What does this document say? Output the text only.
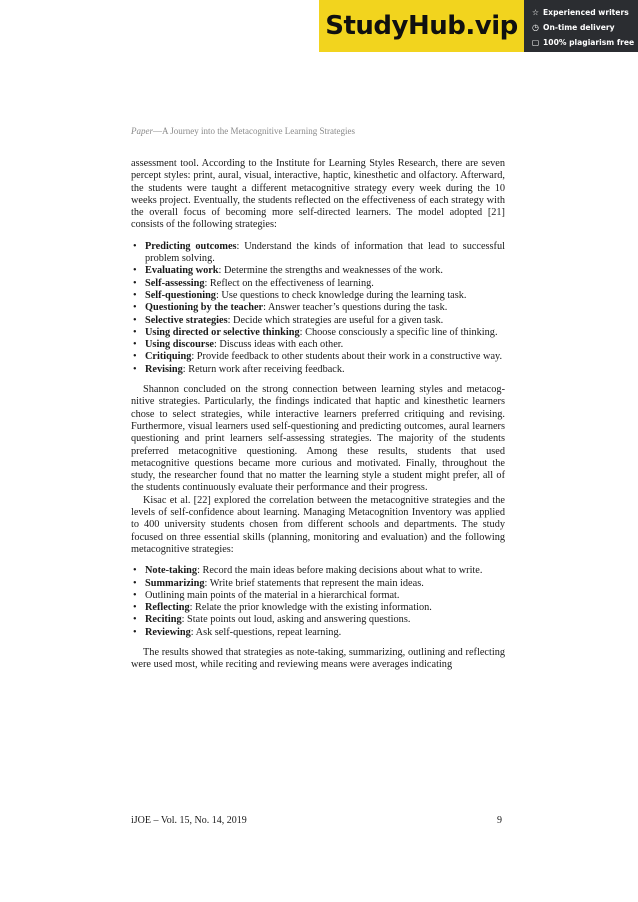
StudyHub.vip ☆ Experienced writers
◷ On-time delivery
▢ 100% plagiarism free
Paper—A Journey into the Metacognitive Learning Strategies

assessment tool. According to the Institute for Learning Styles Research, there are seven percept styles: print, aural, visual, interactive, haptic, kinesthetic and olfactory. Afterward, the students were taught a different metacognitive strategy every week during the 10 weeks project. Eventually, the students reflected on the effectiveness of each strategy with the overall focus of becoming more self-directed learners. The model adopted [21] consists of the following strategies:

• Predicting outcomes: Understand the kinds of information that lead to successful problem solving.
• Evaluating work: Determine the strengths and weaknesses of the work.
• Self-assessing: Reflect on the effectiveness of learning.
• Self-questioning: Use questions to check knowledge during the learning task.
• Questioning by the teacher: Answer teacher’s questions during the task.
• Selective strategies: Decide which strategies are useful for a given task.
• Using directed or selective thinking: Choose consciously a specific line of thinking.
• Using discourse: Discuss ideas with each other.
• Critiquing: Provide feedback to other students about their work in a constructive way.
• Revising: Return work after receiving feedback.

Shannon concluded on the strong connection between learning styles and metacognitive strategies. Particularly, the findings indicated that haptic and kinesthetic learners chose to select strategies, while interactive learners preferred critiquing and revising. Furthermore, visual learners used self-questioning and predicting outcomes, aural learners questioning and print learners self-assessing strategies. The majority of the students preferred metacognitive questioning. Among these results, students that used metacognitive questions became more curious and motivated. Finally, throughout the study, the researcher found that no matter the learning style a student might prefer, all of the students continuously evaluate their performance and their progress.

Kisac et al. [22] explored the correlation between the metacognitive strategies and the levels of self-confidence about learning. Managing Metacognition Inventory was applied to 400 university students chosen from different schools and departments. The study focused on three essential skills (planning, monitoring and evaluation) and the following metacognitive strategies:

• Note-taking: Record the main ideas before making decisions about what to write.
• Summarizing: Write brief statements that represent the main ideas.
• Outlining main points of the material in a hierarchical format.
• Reflecting: Relate the prior knowledge with the existing information.
• Reciting: State points out loud, asking and answering questions.
• Reviewing: Ask self-questions, repeat learning.

The results showed that strategies as note-taking, summarizing, outlining and reflecting were used most, while reciting and reviewing means were averages indicating

iJOE – Vol. 15, No. 14, 2019	9
